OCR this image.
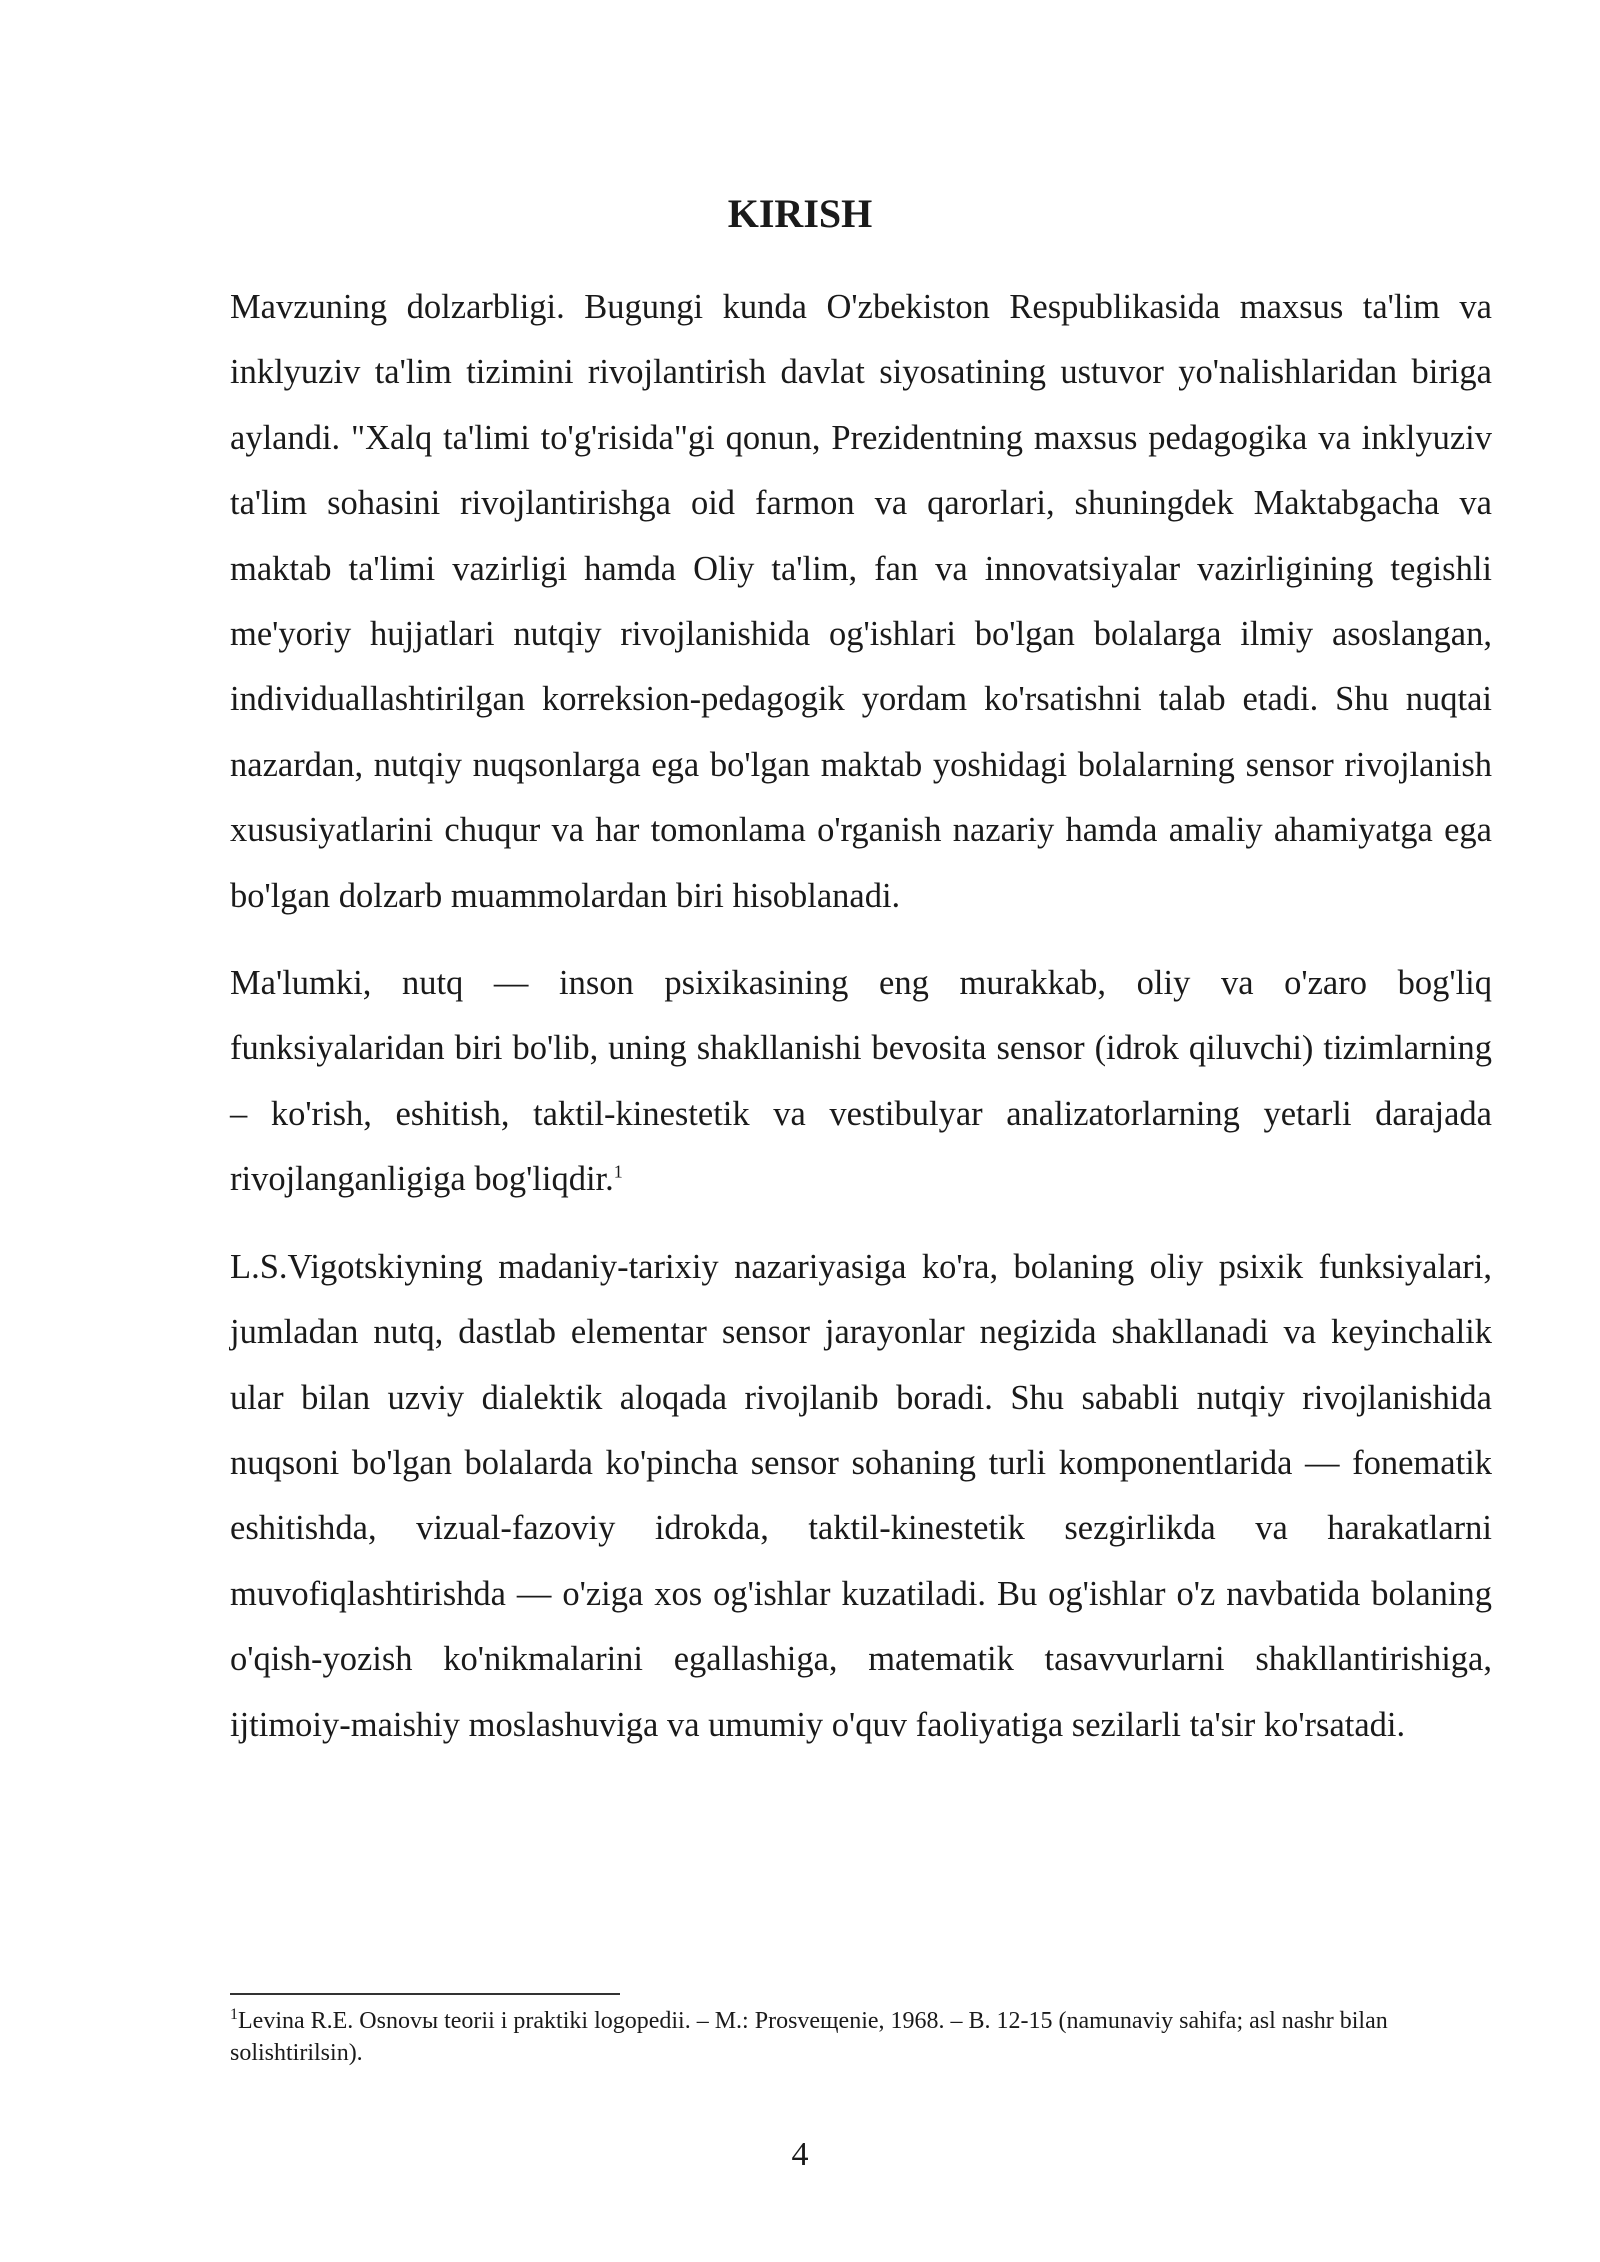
KIRISH

Mavzuning dolzarbligi. Bugungi kunda O'zbekiston Respublikasida maxsus ta'lim va inklyuziv ta'lim tizimini rivojlantirish davlat siyosatining ustuvor yo'nalishlaridan biriga aylandi. "Xalq ta'limi to'g'risida"gi qonun, Prezidentning maxsus pedagogika va inklyuziv ta'lim sohasini rivojlantirishga oid farmon va qarorlari, shuningdek Maktabgacha va maktab ta'limi vazirligi hamda Oliy ta'lim, fan va innovatsiyalar vazirligining tegishli me'yoriy hujjatlari nutqiy rivojlanishida og'ishlari bo'lgan bolalarga ilmiy asoslangan, individuallashtirilgan korreksion-pedagogik yordam ko'rsatishni talab etadi. Shu nuqtai nazardan, nutqiy nuqsonlarga ega bo'lgan maktab yoshidagi bolalarning sensor rivojlanish xususiyatlarini chuqur va har tomonlama o'rganish nazariy hamda amaliy ahamiyatga ega bo'lgan dolzarb muammolardan biri hisoblanadi.

Ma'lumki, nutq — inson psixikasining eng murakkab, oliy va o'zaro bog'liq funksiyalaridan biri bo'lib, uning shakllanishi bevosita sensor (idrok qiluvchi) tizimlarning – ko'rish, eshitish, taktil-kinestetik va vestibulyar analizatorlarning yetarli darajada rivojlanganligiga bog'liqdir.$^1$

L.S.Vigotskiyning madaniy-tarixiy nazariyasiga ko'ra, bolaning oliy psixik funksiyalari, jumladan nutq, dastlab elementar sensor jarayonlar negizida shakllanadi va keyinchalik ular bilan uzviy dialektik aloqada rivojlanib boradi. Shu sababli nutqiy rivojlanishida nuqsoni bo'lgan bolalarda ko'pincha sensor sohaning turli komponentlarida — fonematik eshitishda, vizual-fazoviy idrokda, taktil-kinestetik sezgirlikda va harakatlarni muvofiqlashtirishda — o'ziga xos og'ishlar kuzatiladi. Bu og'ishlar o'z navbatida bolaning o'qish-yozish ko'nikmalarini egallashiga, matematik tasavvurlarni shakllantirishiga, ijtimoiy-maishiy moslashuviga va umumiy o'quv faoliyatiga sezilarli ta'sir ko'rsatadi.

$^1$Levina R.E. Osnovы teorii i praktiki logopedii. – M.: Prosveщenie, 1968. – B. 12-15 (namunaviy sahifa; asl nashr bilan solishtirilsin).

4
